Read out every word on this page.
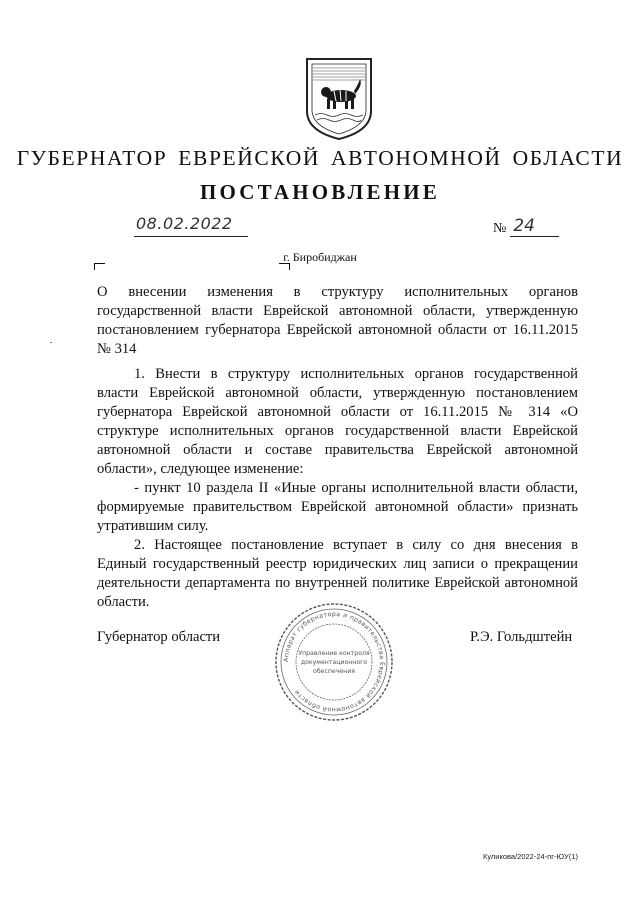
ГУБЕРНАТОР ЕВРЕЙСКОЙ АВТОНОМНОЙ ОБЛАСТИ
ПОСТАНОВЛЕНИЕ
08.02.2022	№ 24
г. Биробиджан
О внесении изменения в структуру исполнительных органов государственной власти Еврейской автономной области, утвержденную постановлением губернатора Еврейской автономной области от 16.11.2015 № 314

1. Внести в структуру исполнительных органов государственной власти Еврейской автономной области, утвержденную постановлением губернатора Еврейской автономной области от 16.11.2015 № 314 «О структуре исполнительных органов государственной власти Еврейской автономной области и составе правительства Еврейской автономной области», следующее изменение:

- пункт 10 раздела II «Иные органы исполнительной власти области, формируемые правительством Еврейской автономной области» признать утратившим силу.

2. Настоящее постановление вступает в силу со дня внесения в Единый государственный реестр юридических лиц записи о прекращении деятельности департамента по внутренней политике Еврейской автономной области.

Губернатор области	Р.Э. Гольдштейн
Аппарат губернатора и правительства Еврейской автономной области
Управление контроля
документационного
обеспечения
Куликова/2022-24-пг-ЮУ(1)
